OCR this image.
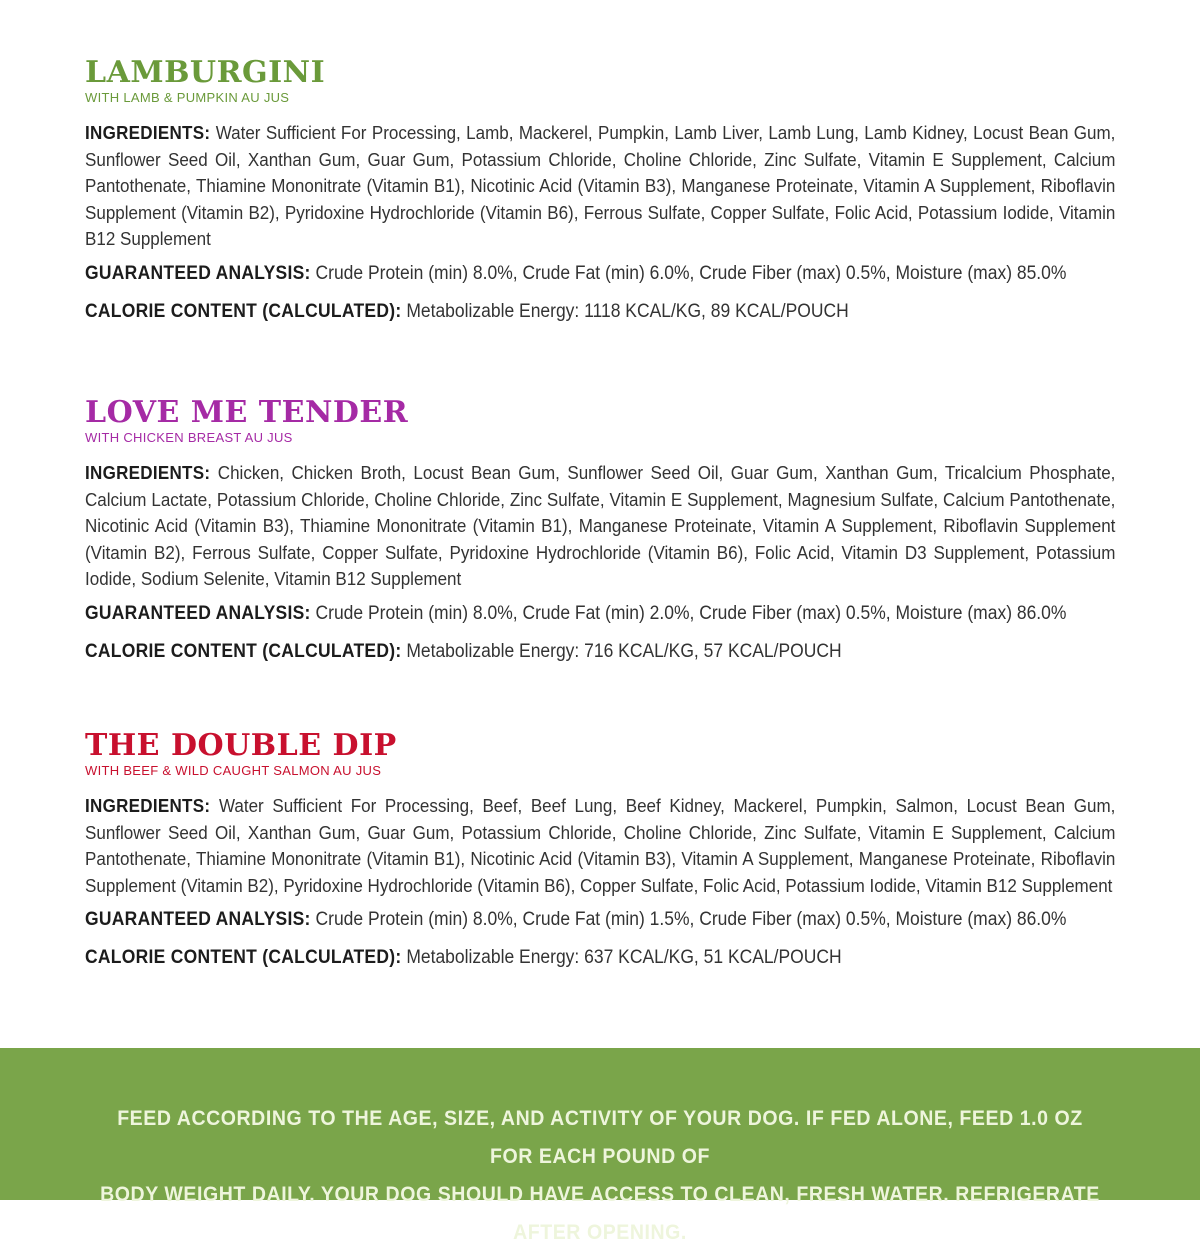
LAMBURGINI
WITH LAMB & PUMPKIN AU JUS

INGREDIENTS: Water Sufficient For Processing, Lamb, Mackerel, Pumpkin, Lamb Liver, Lamb Lung, Lamb Kidney, Locust Bean Gum, Sunflower Seed Oil, Xanthan Gum, Guar Gum, Potassium Chloride, Choline Chloride, Zinc Sulfate, Vitamin E Supplement, Calcium Pantothenate, Thiamine Mononitrate (Vitamin B1), Nicotinic Acid (Vitamin B3), Manganese Proteinate, Vitamin A Supplement, Riboflavin Supplement (Vitamin B2), Pyridoxine Hydrochloride (Vitamin B6), Ferrous Sulfate, Copper Sulfate, Folic Acid, Potassium Iodide, Vitamin B12 Supplement

GUARANTEED ANALYSIS: Crude Protein (min) 8.0%, Crude Fat (min) 6.0%, Crude Fiber (max) 0.5%, Moisture (max) 85.0%
CALORIE CONTENT (CALCULATED): Metabolizable Energy: 1118 KCAL/KG, 89 KCAL/POUCH
LOVE ME TENDER
WITH CHICKEN BREAST AU JUS

INGREDIENTS: Chicken, Chicken Broth, Locust Bean Gum, Sunflower Seed Oil, Guar Gum, Xanthan Gum, Tricalcium Phosphate, Calcium Lactate, Potassium Chloride, Choline Chloride, Zinc Sulfate, Vitamin E Supplement, Magnesium Sulfate, Calcium Pantothenate, Nicotinic Acid (Vitamin B3), Thiamine Mononitrate (Vitamin B1), Manganese Proteinate, Vitamin A Supplement, Riboflavin Supplement (Vitamin B2), Ferrous Sulfate, Copper Sulfate, Pyridoxine Hydrochloride (Vitamin B6), Folic Acid, Vitamin D3 Supplement, Potassium Iodide, Sodium Selenite, Vitamin B12 Supplement

GUARANTEED ANALYSIS: Crude Protein (min) 8.0%, Crude Fat (min) 2.0%, Crude Fiber (max) 0.5%, Moisture (max) 86.0%
CALORIE CONTENT (CALCULATED): Metabolizable Energy: 716 KCAL/KG, 57 KCAL/POUCH
THE DOUBLE DIP
WITH BEEF & WILD CAUGHT SALMON AU JUS

INGREDIENTS: Water Sufficient For Processing, Beef, Beef Lung, Beef Kidney, Mackerel, Pumpkin, Salmon, Locust Bean Gum, Sunflower Seed Oil, Xanthan Gum, Guar Gum, Potassium Chloride, Choline Chloride, Zinc Sulfate, Vitamin E Supplement, Calcium Pantothenate, Thiamine Mononitrate (Vitamin B1), Nicotinic Acid (Vitamin B3), Vitamin A Supplement, Manganese Proteinate, Riboflavin Supplement (Vitamin B2), Pyridoxine Hydrochloride (Vitamin B6), Copper Sulfate, Folic Acid, Potassium Iodide, Vitamin B12 Supplement

GUARANTEED ANALYSIS: Crude Protein (min) 8.0%, Crude Fat (min) 1.5%, Crude Fiber (max) 0.5%, Moisture (max) 86.0%
CALORIE CONTENT (CALCULATED): Metabolizable Energy: 637 KCAL/KG, 51 KCAL/POUCH
FEED ACCORDING TO THE AGE, SIZE, AND ACTIVITY OF YOUR DOG. IF FED ALONE, FEED 1.0 OZ FOR EACH POUND OF
BODY WEIGHT DAILY. YOUR DOG SHOULD HAVE ACCESS TO CLEAN, FRESH WATER. REFRIGERATE AFTER OPENING.
